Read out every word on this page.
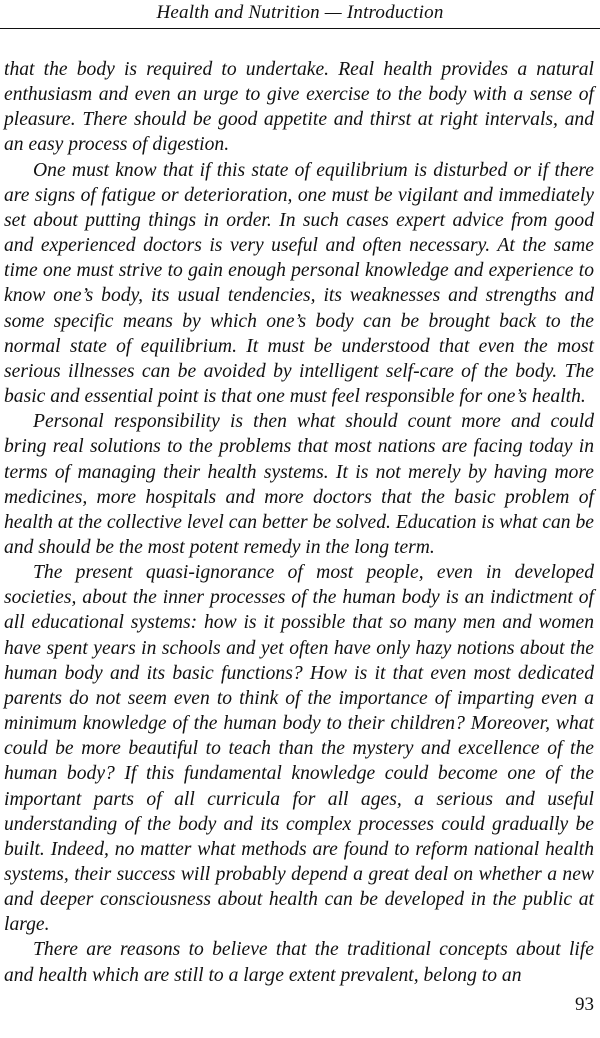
Health and Nutrition — Introduction

that the body is required to undertake. Real health provides a natural enthusiasm and even an urge to give exercise to the body with a sense of pleasure. There should be good appetite and thirst at right intervals, and an easy process of digestion.

One must know that if this state of equilibrium is disturbed or if there are signs of fatigue or deterioration, one must be vigilant and immediately set about putting things in order. In such cases expert advice from good and experienced doctors is very useful and often necessary. At the same time one must strive to gain enough personal knowledge and experience to know one’s body, its usual tendencies, its weaknesses and strengths and some specific means by which one’s body can be brought back to the normal state of equilibrium. It must be understood that even the most serious illnesses can be avoided by intelligent self-care of the body. The basic and essential point is that one must feel responsible for one’s health.

Personal responsibility is then what should count more and could bring real solutions to the problems that most nations are facing today in terms of managing their health systems. It is not merely by having more medicines, more hospitals and more doctors that the basic problem of health at the collective level can better be solved. Education is what can be and should be the most potent remedy in the long term.

The present quasi-ignorance of most people, even in developed societies, about the inner processes of the human body is an indictment of all educational systems: how is it possible that so many men and women have spent years in schools and yet often have only hazy notions about the human body and its basic functions? How is it that even most dedicated parents do not seem even to think of the importance of imparting even a minimum knowledge of the human body to their children? Moreover, what could be more beautiful to teach than the mystery and excellence of the human body? If this fundamental knowledge could become one of the important parts of all curricula for all ages, a serious and useful understanding of the body and its complex processes could gradually be built. Indeed, no matter what methods are found to reform national health systems, their success will probably depend a great deal on whether a new and deeper consciousness about health can be developed in the public at large.

There are reasons to believe that the traditional concepts about life and health which are still to a large extent prevalent, belong to an

93
